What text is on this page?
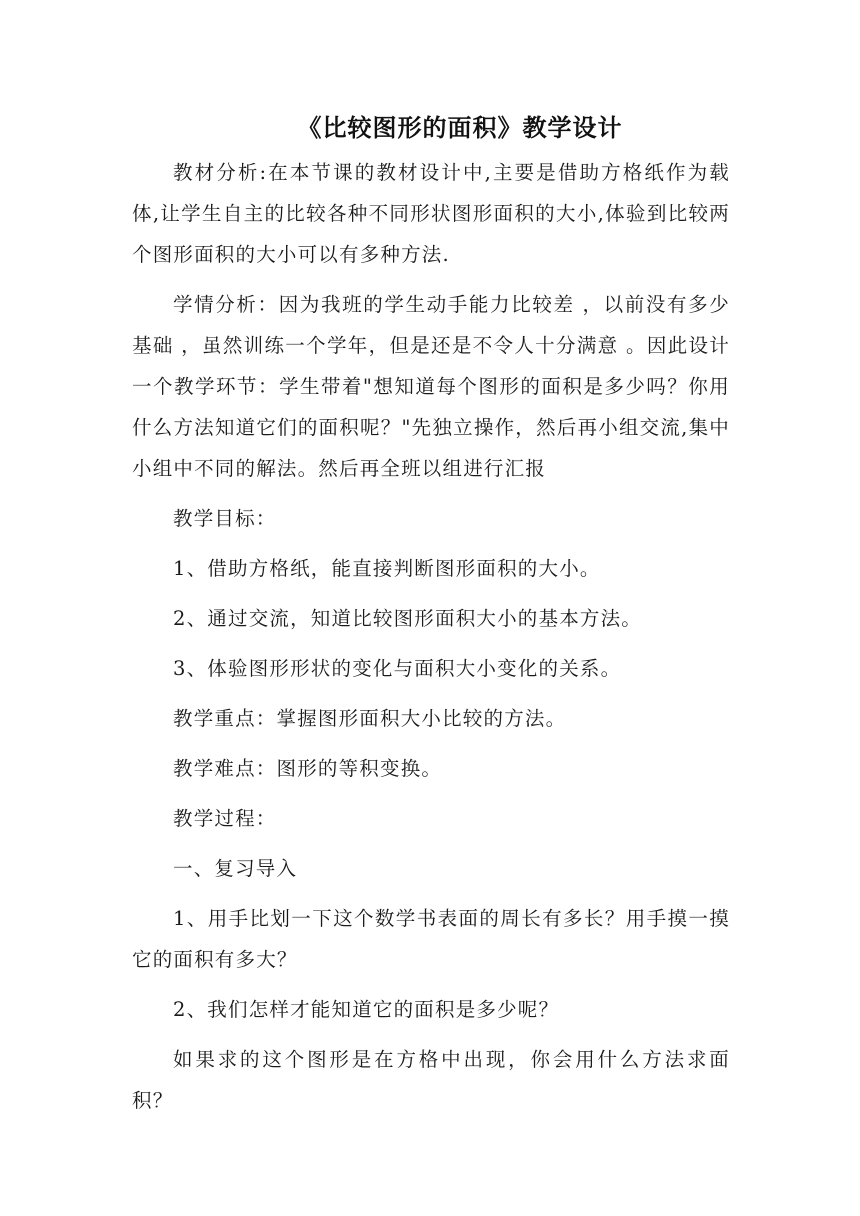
《比较图形的面积》教学设计

教材分析:在本节课的教材设计中,主要是借助方格纸作为载体,让学生自主的比较各种不同形状图形面积的大小,体验到比较两个图形面积的大小可以有多种方法.

学情分析：因为我班的学生动手能力比较差 ，以前没有多少基础 ，虽然训练一个学年，但是还是不令人十分满意 。因此设计一个教学环节：学生带着"想知道每个图形的面积是多少吗？你用什么方法知道它们的面积呢？"先独立操作，然后再小组交流,集中小组中不同的解法。然后再全班以组进行汇报

教学目标：

1、借助方格纸，能直接判断图形面积的大小。

2、通过交流，知道比较图形面积大小的基本方法。

3、体验图形形状的变化与面积大小变化的关系。

教学重点：掌握图形面积大小比较的方法。

教学难点：图形的等积变换。

教学过程：

一、复习导入

1、用手比划一下这个数学书表面的周长有多长？用手摸一摸它的面积有多大？

2、我们怎样才能知道它的面积是多少呢？

如果求的这个图形是在方格中出现，你会用什么方法求面积？
